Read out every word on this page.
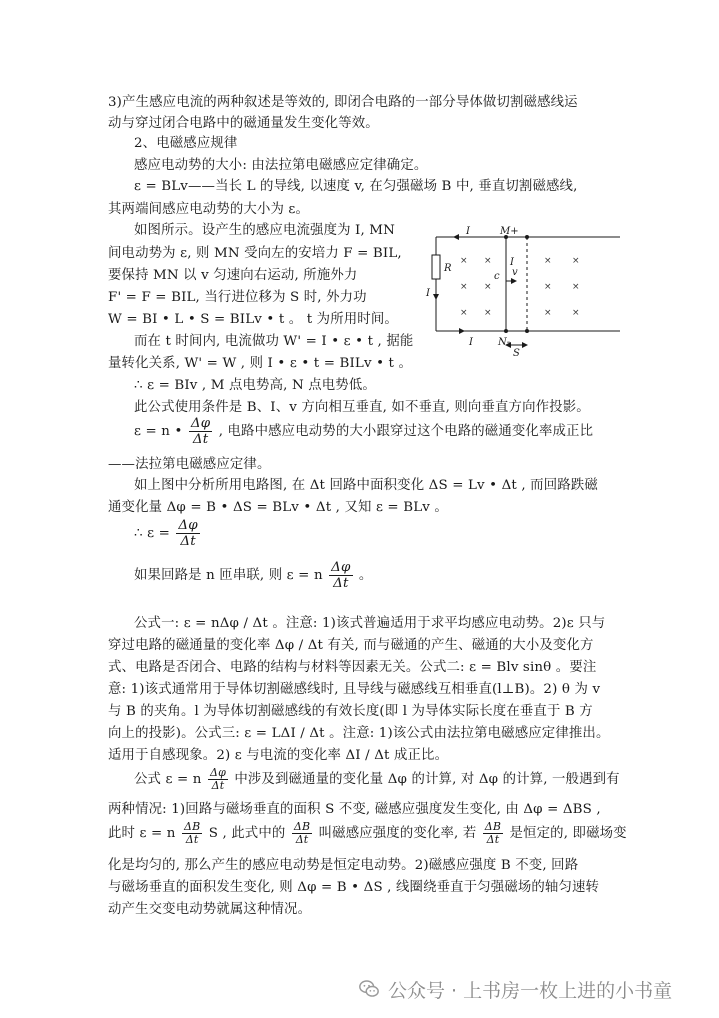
3)产生感应电流的两种叙述是等效的, 即闭合电路的一部分导体做切割磁感线运
动与穿过闭合电路中的磁通量发生变化等效。
2、电磁感应规律
感应电动势的大小: 由法拉第电磁感应定律确定。
ε = BLv——当长 L 的导线, 以速度 v, 在匀强磁场 B 中, 垂直切割磁感线,
其两端间感应电动势的大小为 ε。
如图所示。设产生的感应电流强度为 I, MN
间电动势为 ε, 则 MN 受向左的安培力 F = BIL,
要保持 MN 以 v 匀速向右运动, 所施外力
F' = F = BIL, 当行进位移为 S 时, 外力功
W = BI • L • S = BILv • t 。 t 为所用时间。
而在 t 时间内, 电流做功 W' = I • ε • t , 据能
量转化关系, W' = W , 则 I • ε • t = BILv • t 。
I	M+
R
I
I
c v
I	N-
S
× ×	× ×
× ×	× ×
× ×	× ×
∴ ε = BIv , M 点电势高, N 点电势低。
此公式使用条件是 B、I、v 方向相互垂直, 如不垂直, 则向垂直方向作投影。
ε = n • $\frac{\Delta\varphi}{\Delta t}$ , 电路中感应电动势的大小跟穿过这个电路的磁通变化率成正比
——法拉第电磁感应定律。
如上图中分析所用电路图, 在 Δt 回路中面积变化 ΔS = Lv • Δt , 而回路跌磁
通变化量 Δφ = B • ΔS = BLv • Δt , 又知 ε = BLv 。
∴ $\varepsilon = \frac{\Delta\varphi}{\Delta t}$
如果回路是 n 匝串联, 则 ε = n $\frac{\Delta\varphi}{\Delta t}$ 。
公式一: ε = nΔφ / Δt 。注意: 1)该式普遍适用于求平均感应电动势。2)ε 只与
穿过电路的磁通量的变化率 Δφ / Δt 有关, 而与磁通的产生、磁通的大小及变化方
式、电路是否闭合、电路的结构与材料等因素无关。公式二: ε = Blv sinθ 。要注
意: 1)该式通常用于导体切割磁感线时, 且导线与磁感线互相垂直(l⊥B)。2) θ 为 v
与 B 的夹角。l 为导体切割磁感线的有效长度(即 l 为导体实际长度在垂直于 B 方
向上的投影)。公式三: ε = LΔI / Δt 。注意: 1)该公式由法拉第电磁感应定律推出。
适用于自感现象。2) ε 与电流的变化率 ΔI / Δt 成正比。
公式 ε = n $\frac{\Delta\varphi}{\Delta t}$ 中涉及到磁通量的变化量 Δφ 的计算, 对 Δφ 的计算, 一般遇到有
两种情况: 1)回路与磁场垂直的面积 S 不变, 磁感应强度发生变化, 由 Δφ = ΔBS ,
此时 ε = n $\frac{\Delta B}{\Delta t}$ S , 此式中的 $\frac{\Delta B}{\Delta t}$ 叫磁感应强度的变化率, 若 $\frac{\Delta B}{\Delta t}$ 是恒定的, 即磁场变
化是均匀的, 那么产生的感应电动势是恒定电动势。2)磁感应强度 B 不变, 回路
与磁场垂直的面积发生变化, 则 Δφ = B • ΔS , 线圈绕垂直于匀强磁场的轴匀速转
动产生交变电动势就属这种情况。
公众号 · 上书房一枚上进的小书童
